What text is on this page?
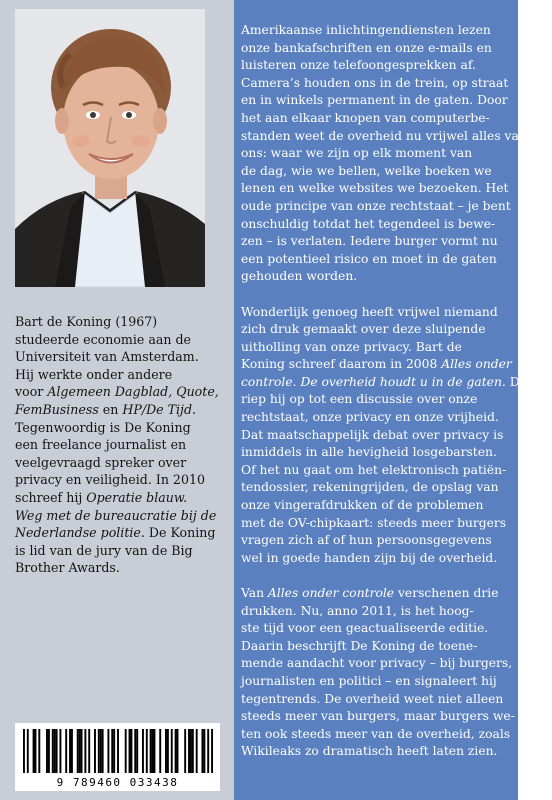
Bart de Koning (1967)
studeerde economie aan de
Universiteit van Amsterdam.
Hij werkte onder andere
voor Algemeen Dagblad, Quote,
FemBusiness en HP/De Tijd.
Tegenwoordig is De Koning
een freelance journalist en
veelgevraagd spreker over
privacy en veiligheid. In 2010
schreef hij Operatie blauw.
Weg met de bureaucratie bij de
Nederlandse politie. De Koning
is lid van de jury van de Big
Brother Awards.
9 789460 033438

Amerikaanse inlichtingendiensten lezen
onze bankafschriften en onze e-mails en
luisteren onze telefoongesprekken af.
Camera’s houden ons in de trein, op straat
en in winkels permanent in de gaten. Door
het aan elkaar knopen van computerbe-
standen weet de overheid nu vrijwel alles van
ons: waar we zijn op elk moment van
de dag, wie we bellen, welke boeken we
lenen en welke websites we bezoeken. Het
oude principe van onze rechtstaat – je bent
onschuldig totdat het tegendeel is bewe-
zen – is verlaten. Iedere burger vormt nu
een potentieel risico en moet in de gaten
gehouden worden.

Wonderlijk genoeg heeft vrijwel niemand
zich druk gemaakt over deze sluipende
uitholling van onze privacy. Bart de
Koning schreef daarom in 2008 Alles onder
controle. De overheid houdt u in de gaten. Daarin
riep hij op tot een discussie over onze
rechtstaat, onze privacy en onze vrijheid.
Dat maatschappelijk debat over privacy is
inmiddels in alle hevigheid losgebarsten.
Of het nu gaat om het elektronisch patiën-
tendossier, rekeningrijden, de opslag van
onze vingerafdrukken of de problemen
met de OV-chipkaart: steeds meer burgers
vragen zich af of hun persoonsgegevens
wel in goede handen zijn bij de overheid.

Van Alles onder controle verschenen drie
drukken. Nu, anno 2011, is het hoog-
ste tijd voor een geactualiseerde editie.
Daarin beschrijft De Koning de toene-
mende aandacht voor privacy – bij burgers,
journalisten en politici – en signaleert hij
tegentrends. De overheid weet niet alleen
steeds meer van burgers, maar burgers we-
ten ook steeds meer van de overheid, zoals
Wikileaks zo dramatisch heeft laten zien.
